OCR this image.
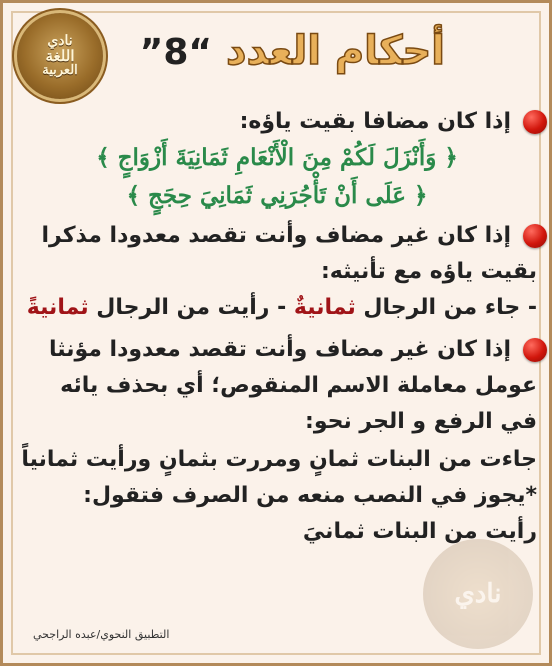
نادي
اللغة
العربية	أحكام العدد “8”
إذا كان مضافا بقيت ياؤه:
﴿ وَأَنْزَلَ لَكُمْ مِنَ الْأَنْعَامِ ثَمَانِيَةَ أَزْوَاجٍ ﴾
﴿ عَلَى أَنْ تَأْجُرَنِي ثَمَانِيَ حِجَجٍ ﴾
إذا كان غير مضاف وأنت تقصد معدودا مذكرا
بقيت ياؤه مع تأنيثه:
- جاء من الرجال ثمانيةٌ - رأيت من الرجال ثمانيةً
إذا كان غير مضاف وأنت تقصد معدودا مؤنثا
عومل معاملة الاسم المنقوص؛ أي بحذف يائه
في الرفع و الجر نحو:
جاءت من البنات ثمانٍ ومررت بثمانٍ ورأيت ثمانياً
*يجوز في النصب منعه من الصرف فتقول:
رأيت من البنات ثمانيَ
نادي
التطبيق النحوي/عبده الراجحي
